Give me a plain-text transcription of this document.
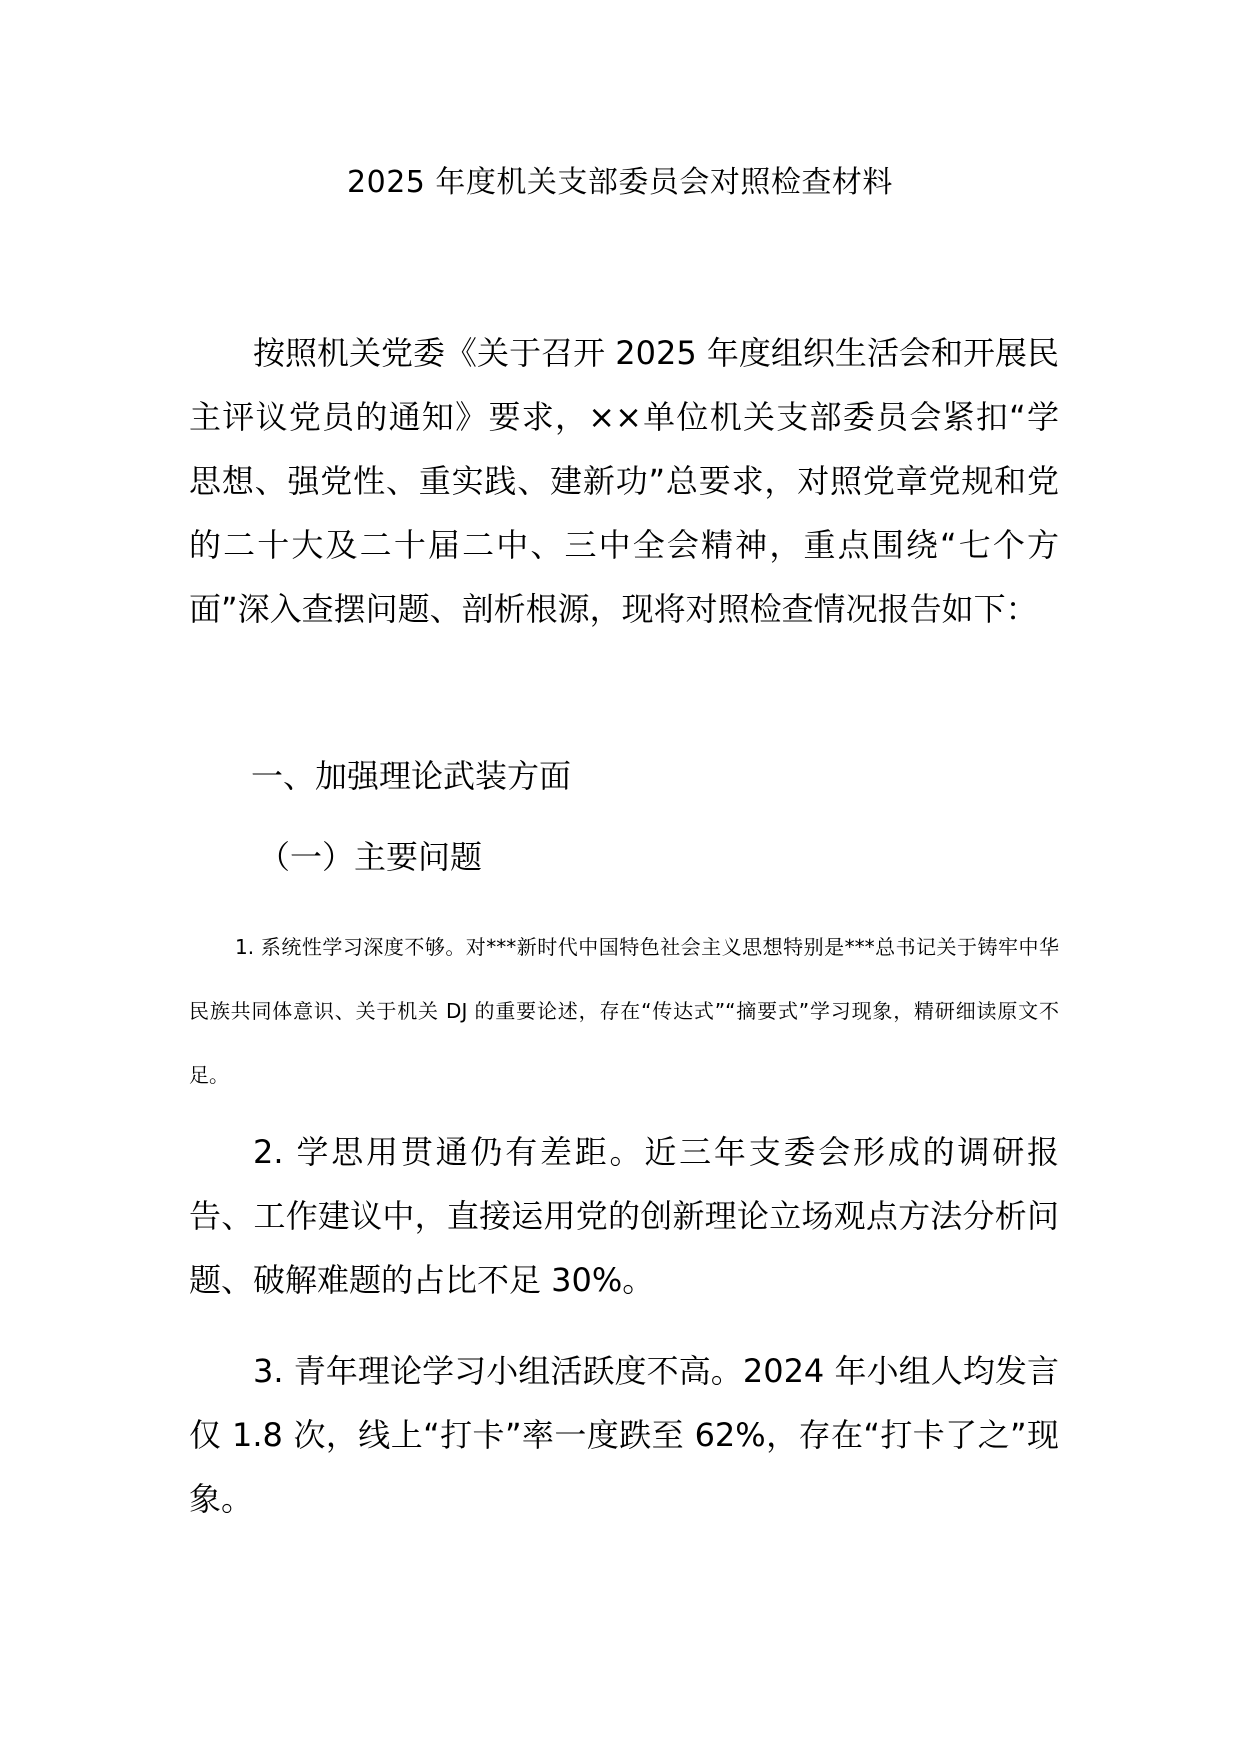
2025 年度机关支部委员会对照检查材料

按照机关党委《关于召开 2025 年度组织生活会和开展民主评议党员的通知》要求，××单位机关支部委员会紧扣“学思想、强党性、重实践、建新功”总要求，对照党章党规和党的二十大及二十届二中、三中全会精神，重点围绕“七个方面”深入查摆问题、剖析根源，现将对照检查情况报告如下：

一、加强理论武装方面

（一）主要问题

1. 系统性学习深度不够。对***新时代中国特色社会主义思想特别是***总书记关于铸牢中华民族共同体意识、关于机关 DJ 的重要论述，存在“传达式”“摘要式”学习现象，精研细读原文不足。

2. 学思用贯通仍有差距。近三年支委会形成的调研报告、工作建议中，直接运用党的创新理论立场观点方法分析问题、破解难题的占比不足 30%。

3. 青年理论学习小组活跃度不高。2024 年小组人均发言仅 1.8 次，线上“打卡”率一度跌至 62%，存在“打卡了之”现象。
